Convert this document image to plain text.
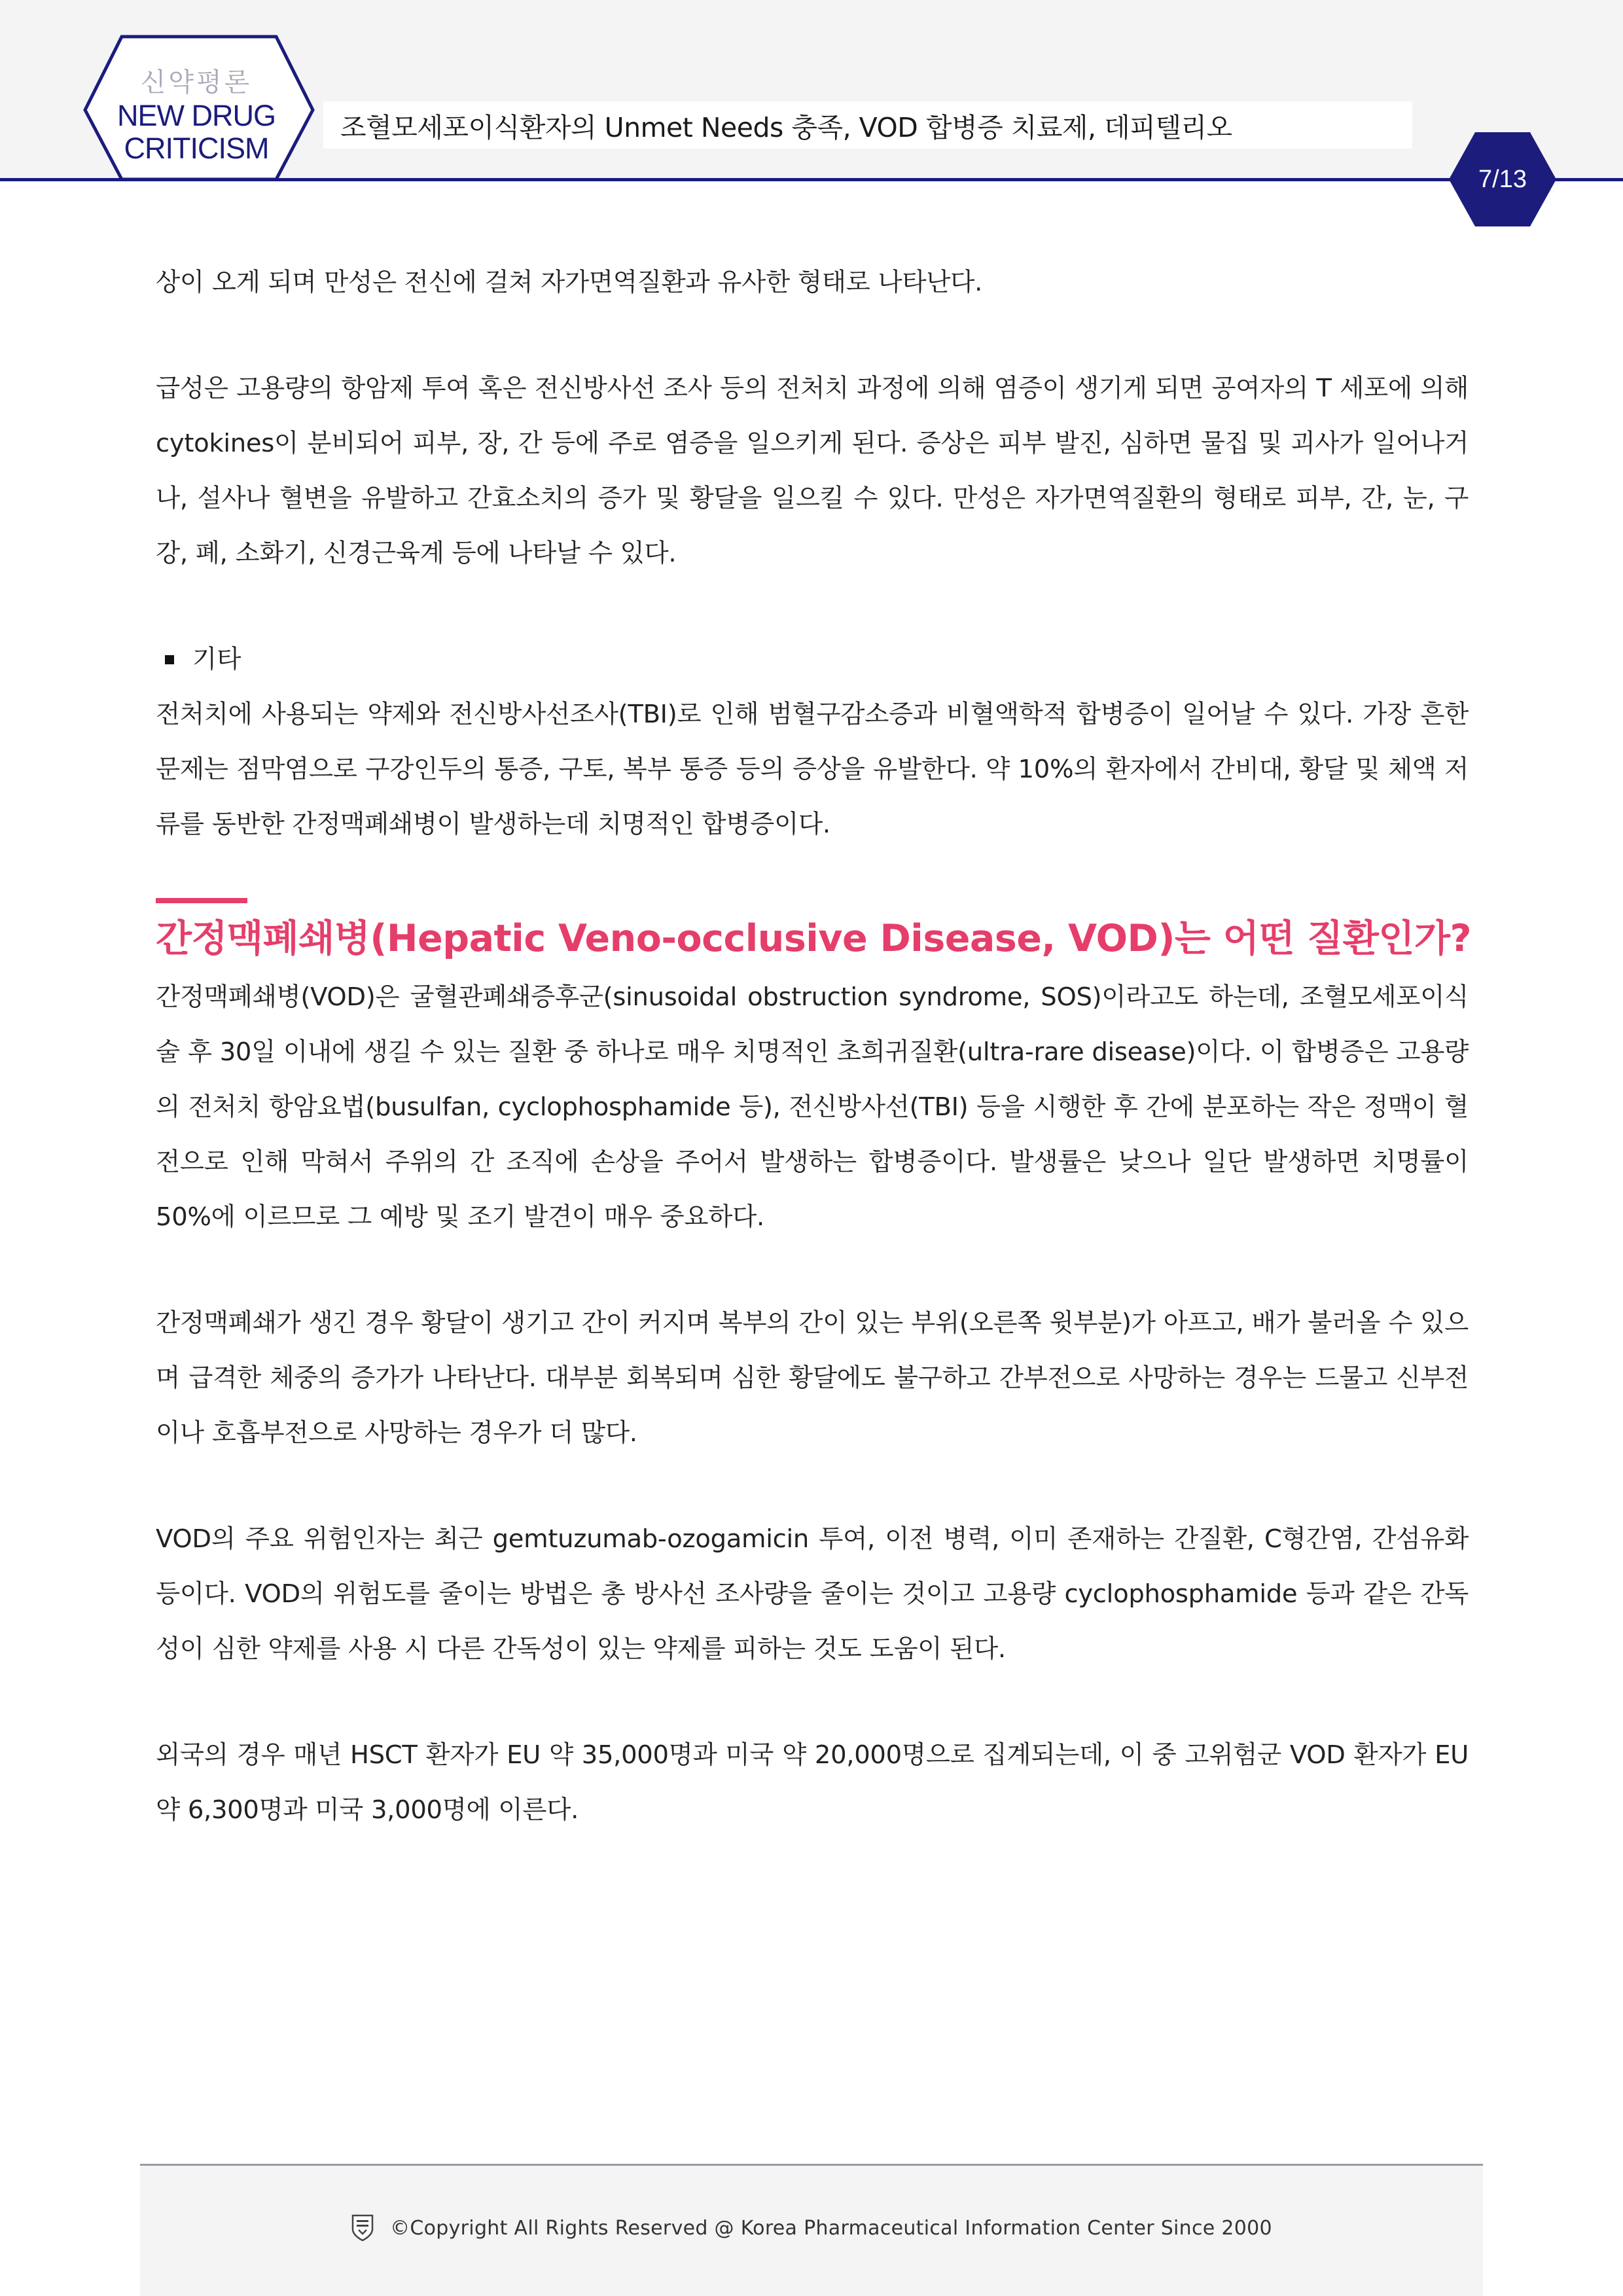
신약평론
NEW DRUG
CRITICISM
조혈모세포이식환자의 Unmet Needs 충족, VOD 합병증 치료제, 데피텔리오
7/13

상이 오게 되며 만성은 전신에 걸쳐 자가면역질환과 유사한 형태로 나타난다.

급성은 고용량의 항암제 투여 혹은 전신방사선 조사 등의 전처치 과정에 의해 염증이 생기게 되면 공여자의 T 세포에 의해 cytokines이 분비되어 피부, 장, 간 등에 주로 염증을 일으키게 된다. 증상은 피부 발진, 심하면 물집 및 괴사가 일어나거나, 설사나 혈변을 유발하고 간효소치의 증가 및 황달을 일으킬 수 있다. 만성은 자가면역질환의 형태로 피부, 간, 눈, 구강, 폐, 소화기, 신경근육계 등에 나타날 수 있다.

기타

전처치에 사용되는 약제와 전신방사선조사(TBI)로 인해 범혈구감소증과 비혈액학적 합병증이 일어날 수 있다. 가장 흔한 문제는 점막염으로 구강인두의 통증, 구토, 복부 통증 등의 증상을 유발한다. 약 10%의 환자에서 간비대, 황달 및 체액 저류를 동반한 간정맥폐쇄병이 발생하는데 치명적인 합병증이다.

간정맥폐쇄병(Hepatic Veno-occlusive Disease, VOD)는 어떤 질환인가?

간정맥폐쇄병(VOD)은 굴혈관폐쇄증후군(sinusoidal obstruction syndrome, SOS)이라고도 하는데, 조혈모세포이식술 후 30일 이내에 생길 수 있는 질환 중 하나로 매우 치명적인 초희귀질환(ultra-rare disease)이다. 이 합병증은 고용량의 전처치 항암요법(busulfan, cyclophosphamide 등), 전신방사선(TBI) 등을 시행한 후 간에 분포하는 작은 정맥이 혈전으로 인해 막혀서 주위의 간 조직에 손상을 주어서 발생하는 합병증이다. 발생률은 낮으나 일단 발생하면 치명률이 50%에 이르므로 그 예방 및 조기 발견이 매우 중요하다.

간정맥폐쇄가 생긴 경우 황달이 생기고 간이 커지며 복부의 간이 있는 부위(오른쪽 윗부분)가 아프고, 배가 불러올 수 있으며 급격한 체중의 증가가 나타난다. 대부분 회복되며 심한 황달에도 불구하고 간부전으로 사망하는 경우는 드물고 신부전이나 호흡부전으로 사망하는 경우가 더 많다.

VOD의 주요 위험인자는 최근 gemtuzumab-ozogamicin 투여, 이전 병력, 이미 존재하는 간질환, C형간염, 간섬유화 등이다. VOD의 위험도를 줄이는 방법은 총 방사선 조사량을 줄이는 것이고 고용량 cyclophosphamide 등과 같은 간독성이 심한 약제를 사용 시 다른 간독성이 있는 약제를 피하는 것도 도움이 된다.

외국의 경우 매년 HSCT 환자가 EU 약 35,000명과 미국 약 20,000명으로 집계되는데, 이 중 고위험군 VOD 환자가 EU 약 6,300명과 미국 3,000명에 이른다.

©Copyright All Rights Reserved @ Korea Pharmaceutical Information Center Since 2000
